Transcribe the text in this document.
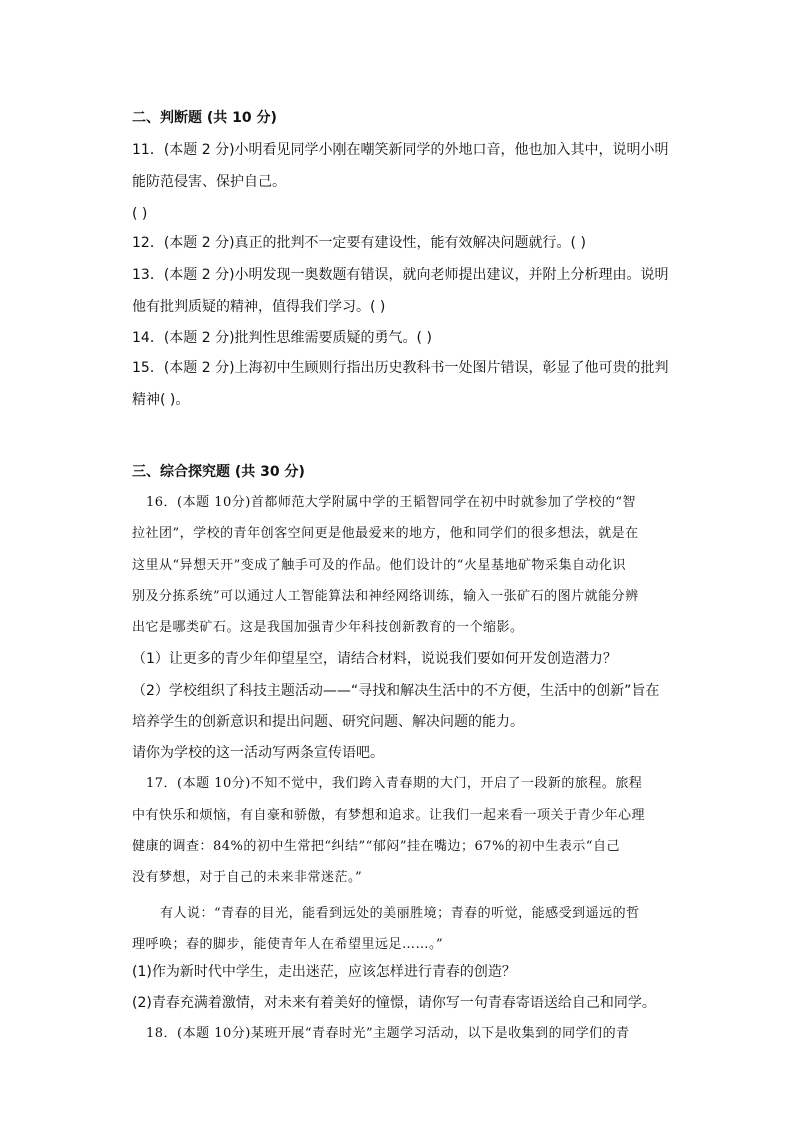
二、判断题 (共 10 分)
11．(本题 2 分)小明看见同学小刚在嘲笑新同学的外地口音，他也加入其中，说明小明
能防范侵害、保护自己。
( )
12．(本题 2 分)真正的批判不一定要有建设性，能有效解决问题就行。( )
13．(本题 2 分)小明发现一奥数题有错误，就向老师提出建议，并附上分析理由。说明
他有批判质疑的精神，值得我们学习。( )
14．(本题 2 分)批判性思维需要质疑的勇气。( )
15．(本题 2 分)上海初中生顾则行指出历史教科书一处图片错误，彰显了他可贵的批判
精神( )。
三、综合探究题 (共 30 分)
16．(本题 10分)首都师范大学附属中学的王韬智同学在初中时就参加了学校的“智
拉社团”，学校的青年创客空间更是他最爱来的地方，他和同学们的很多想法，就是在
这里从“异想天开”变成了触手可及的作品。他们设计的“火星基地矿物采集自动化识
别及分拣系统”可以通过人工智能算法和神经网络训练，输入一张矿石的图片就能分辨
出它是哪类矿石。这是我国加强青少年科技创新教育的一个缩影。
（1）让更多的青少年仰望星空，请结合材料，说说我们要如何开发创造潜力？
（2）学校组织了科技主题活动——“寻找和解决生活中的不方便，生活中的创新”旨在
培养学生的创新意识和提出问题、研究问题、解决问题的能力。
请你为学校的这一活动写两条宣传语吧。
17．(本题 10分)不知不觉中，我们跨入青春期的大门，开启了一段新的旅程。旅程
中有快乐和烦恼，有自豪和骄傲，有梦想和追求。让我们一起来看一项关于青少年心理
健康的调查：84%的初中生常把“纠结”“郁闷”挂在嘴边；67%的初中生表示“自己
没有梦想，对于自己的未来非常迷茫。”
有人说：“青春的目光，能看到远处的美丽胜境；青春的听觉，能感受到遥远的哲
理呼唤；春的脚步，能使青年人在希望里远足……。”
(1)作为新时代中学生，走出迷茫，应该怎样进行青春的创造？
(2)青春充满着激情，对未来有着美好的憧憬，请你写一句青春寄语送给自己和同学。
18．(本题 10分)某班开展“青春时光”主题学习活动，以下是收集到的同学们的青
